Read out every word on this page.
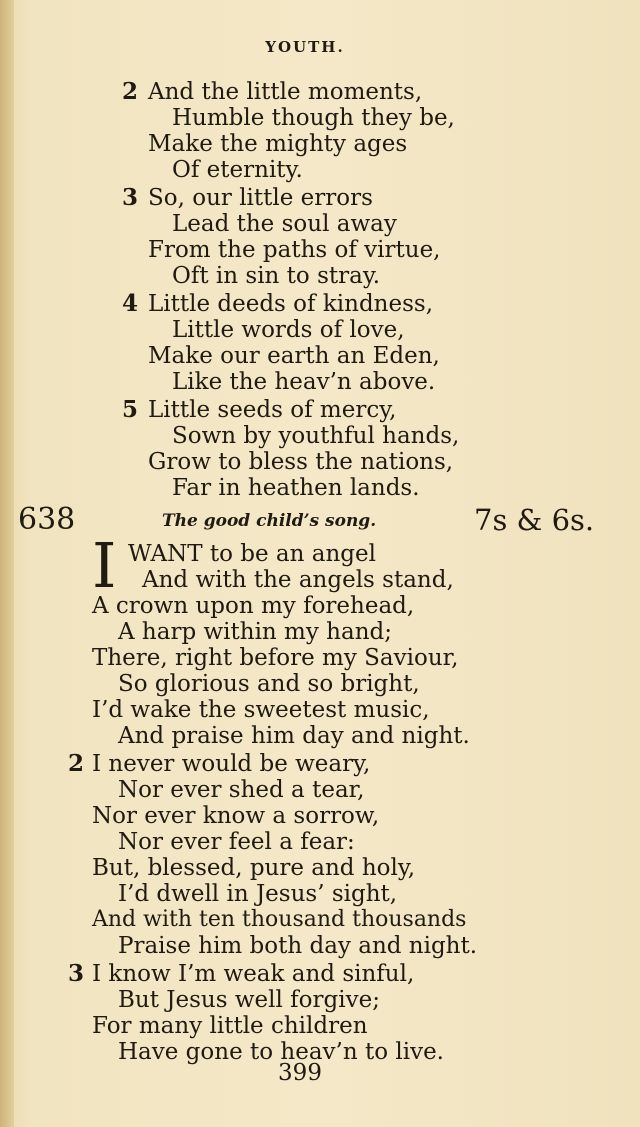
YOUTH.
2 And the little moments,
Humble though they be,
Make the mighty ages
Of eternity.
3 So, our little errors
Lead the soul away
From the paths of virtue,
Oft in sin to stray.
4 Little deeds of kindness,
Little words of love,
Make our earth an Eden,
Like the heav’n above.
5 Little seeds of mercy,
Sown by youthful hands,
Grow to bless the nations,
Far in heathen lands.
638	The good child’s song.	7s & 6s.
I WANT to be an angel
And with the angels stand,
A crown upon my forehead,
A harp within my hand;
There, right before my Saviour,
So glorious and so bright,
I’d wake the sweetest music,
And praise him day and night.
2 I never would be weary,
Nor ever shed a tear,
Nor ever know a sorrow,
Nor ever feel a fear:
But, blessed, pure and holy,
I’d dwell in Jesus’ sight,
And with ten thousand thousands
Praise him both day and night.
3 I know I’m weak and sinful,
But Jesus well forgive;
For many little children
Have gone to heav’n to live.
399
